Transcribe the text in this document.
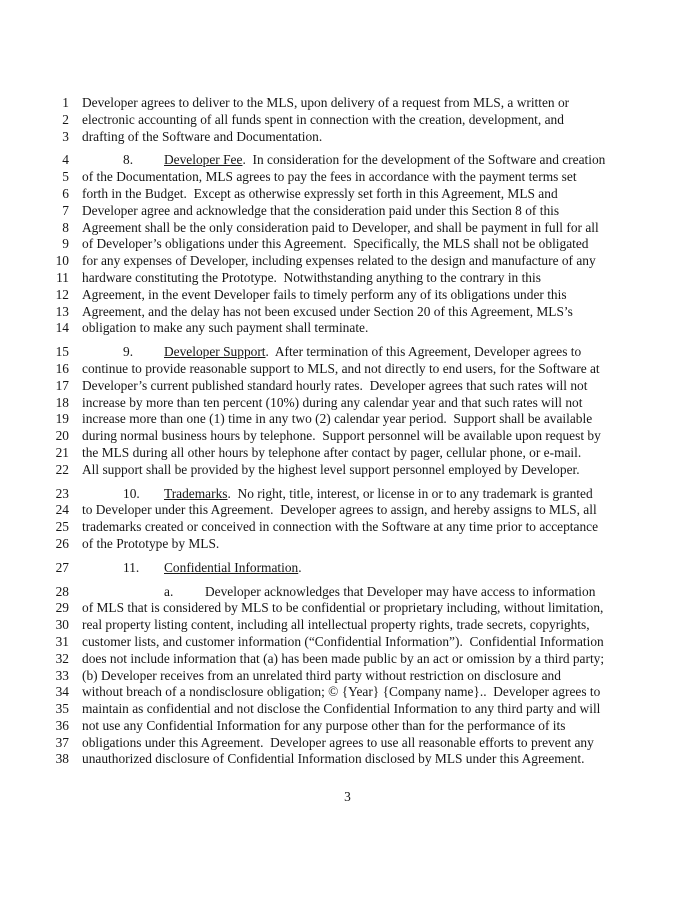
1 Developer agrees to deliver to the MLS, upon delivery of a request from MLS, a written or
2 electronic accounting of all funds spent in connection with the creation, development, and
3 drafting of the Software and Documentation.
4	8. Developer Fee.  In consideration for the development of the Software and creation
5 of the Documentation, MLS agrees to pay the fees in accordance with the payment terms set
6 forth in the Budget.  Except as otherwise expressly set forth in this Agreement, MLS and
7 Developer agree and acknowledge that the consideration paid under this Section 8 of this
8 Agreement shall be the only consideration paid to Developer, and shall be payment in full for all
9 of Developer’s obligations under this Agreement.  Specifically, the MLS shall not be obligated
10 for any expenses of Developer, including expenses related to the design and manufacture of any
11 hardware constituting the Prototype.  Notwithstanding anything to the contrary in this
12 Agreement, in the event Developer fails to timely perform any of its obligations under this
13 Agreement, and the delay has not been excused under Section 20 of this Agreement, MLS’s
14 obligation to make any such payment shall terminate.
15	9. Developer Support.  After termination of this Agreement, Developer agrees to
16 continue to provide reasonable support to MLS, and not directly to end users, for the Software at
17 Developer’s current published standard hourly rates.  Developer agrees that such rates will not
18 increase by more than ten percent (10%) during any calendar year and that such rates will not
19 increase more than one (1) time in any two (2) calendar year period.  Support shall be available
20 during normal business hours by telephone.  Support personnel will be available upon request by
21 the MLS during all other hours by telephone after contact by pager, cellular phone, or e-mail.
22 All support shall be provided by the highest level support personnel employed by Developer.
23	10. Trademarks.  No right, title, interest, or license in or to any trademark is granted
24 to Developer under this Agreement.  Developer agrees to assign, and hereby assigns to MLS, all
25 trademarks created or conceived in connection with the Software at any time prior to acceptance
26 of the Prototype by MLS.
27	11. Confidential Information.
28	a. Developer acknowledges that Developer may have access to information
29 of MLS that is considered by MLS to be confidential or proprietary including, without limitation,
30 real property listing content, including all intellectual property rights, trade secrets, copyrights,
31 customer lists, and customer information (“Confidential Information”).  Confidential Information
32 does not include information that (a) has been made public by an act or omission by a third party;
33 (b) Developer receives from an unrelated third party without restriction on disclosure and
34 without breach of a nondisclosure obligation; © {Year} {Company name}..  Developer agrees to
35 maintain as confidential and not disclose the Confidential Information to any third party and will
36 not use any Confidential Information for any purpose other than for the performance of its
37 obligations under this Agreement.  Developer agrees to use all reasonable efforts to prevent any
38 unauthorized disclosure of Confidential Information disclosed by MLS under this Agreement.
3
